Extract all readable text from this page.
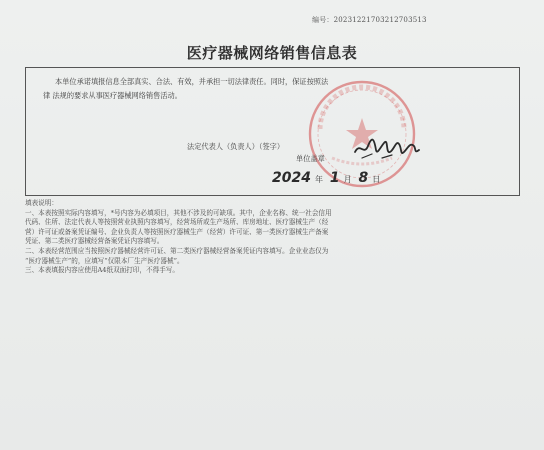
编号：20231221703212703513
医疗器械网络销售信息表
本单位承诺填报信息全部真实、合法、有效，并承担一切法律责任。同时，保证按照法
律 法规的要求从事医疗器械网络销售活动。
法定代表人（负责人）（签字）
单位盖章
2024 年 1 月 8 日
填表说明：
一、本表按照实际内容填写，*号内容为必填项目，其他不涉及的可缺项。其中，企业名称、统一社会信用
代码、住所、法定代表人等按照营业执照内容填写，经营场所或生产场所、库房地址、医疗器械生产（经
营）许可证或备案凭证编号、企业负责人等按照医疗器械生产（经营）许可证、第一类医疗器械生产备案
凭证、第二类医疗器械经营备案凭证内容填写。
二、本表经营范围应当按照医疗器械经营许可证、第二类医疗器械经营备案凭证内容填写。企业业态仅为
“医疗器械生产”的，应填写“仅限本厂生产医疗器械”。
三、本表填报内容应使用A4纸双面打印，不得手写。
